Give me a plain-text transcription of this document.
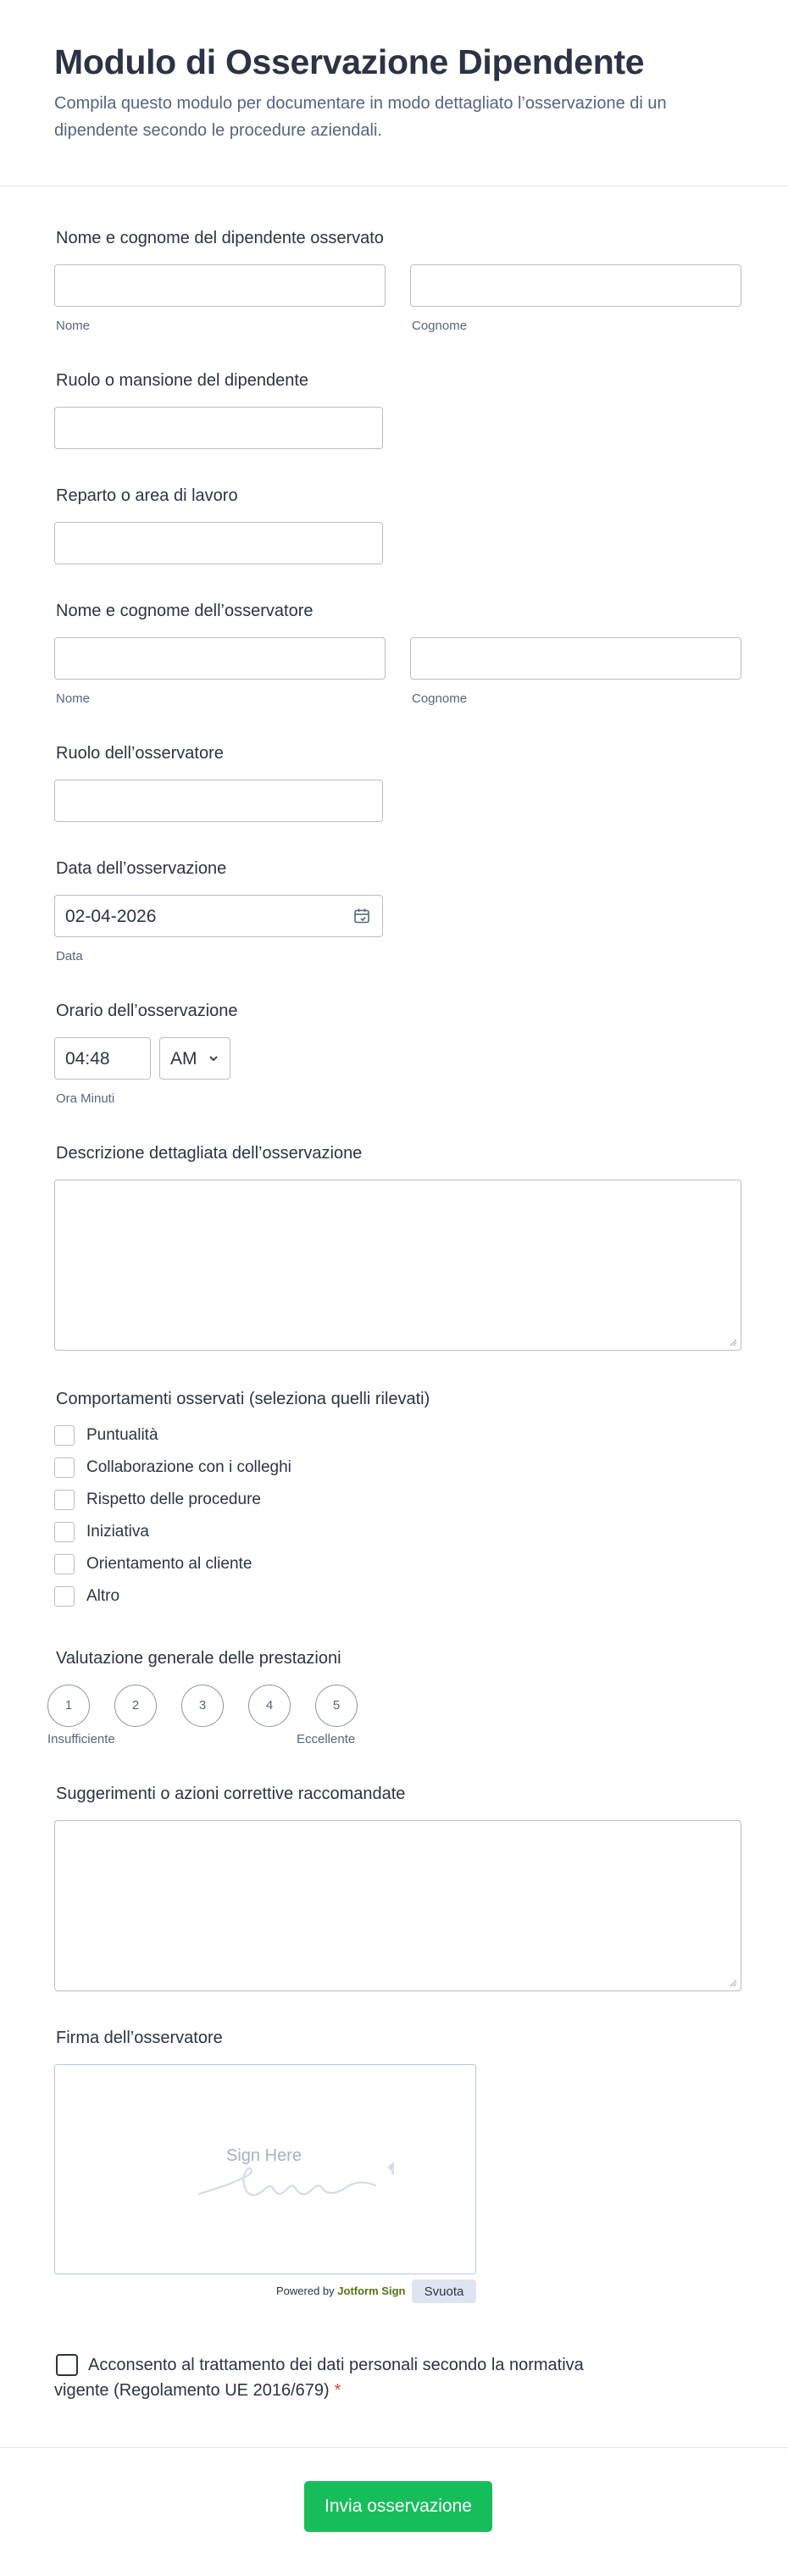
Modulo di Osservazione Dipendente

Compila questo modulo per documentare in modo dettagliato l’osservazione di un dipendente secondo le procedure aziendali.

Nome e cognome del dipendente osservato
Nome	Cognome
Ruolo o mansione del dipendente
Reparto o area di lavoro
Nome e cognome dell’osservatore
Nome	Cognome
Ruolo dell’osservatore
Data dell’osservazione
02-04-2026
Data
Orario dell’osservazione
04:48	AM
Ora Minuti
Descrizione dettagliata dell’osservazione
Comportamenti osservati (seleziona quelli rilevati)
Puntualità
Collaborazione con i colleghi
Rispetto delle procedure
Iniziativa
Orientamento al cliente
Altro
Valutazione generale delle prestazioni
1	2	3	4	5
Insufficiente	Eccellente
Suggerimenti o azioni correttive raccomandate
Firma dell’osservatore
Sign Here
Powered by Jotform Sign	Svuota
Acconsento al trattamento dei dati personali secondo la normativa vigente (Regolamento UE 2016/679) *
Invia osservazione
